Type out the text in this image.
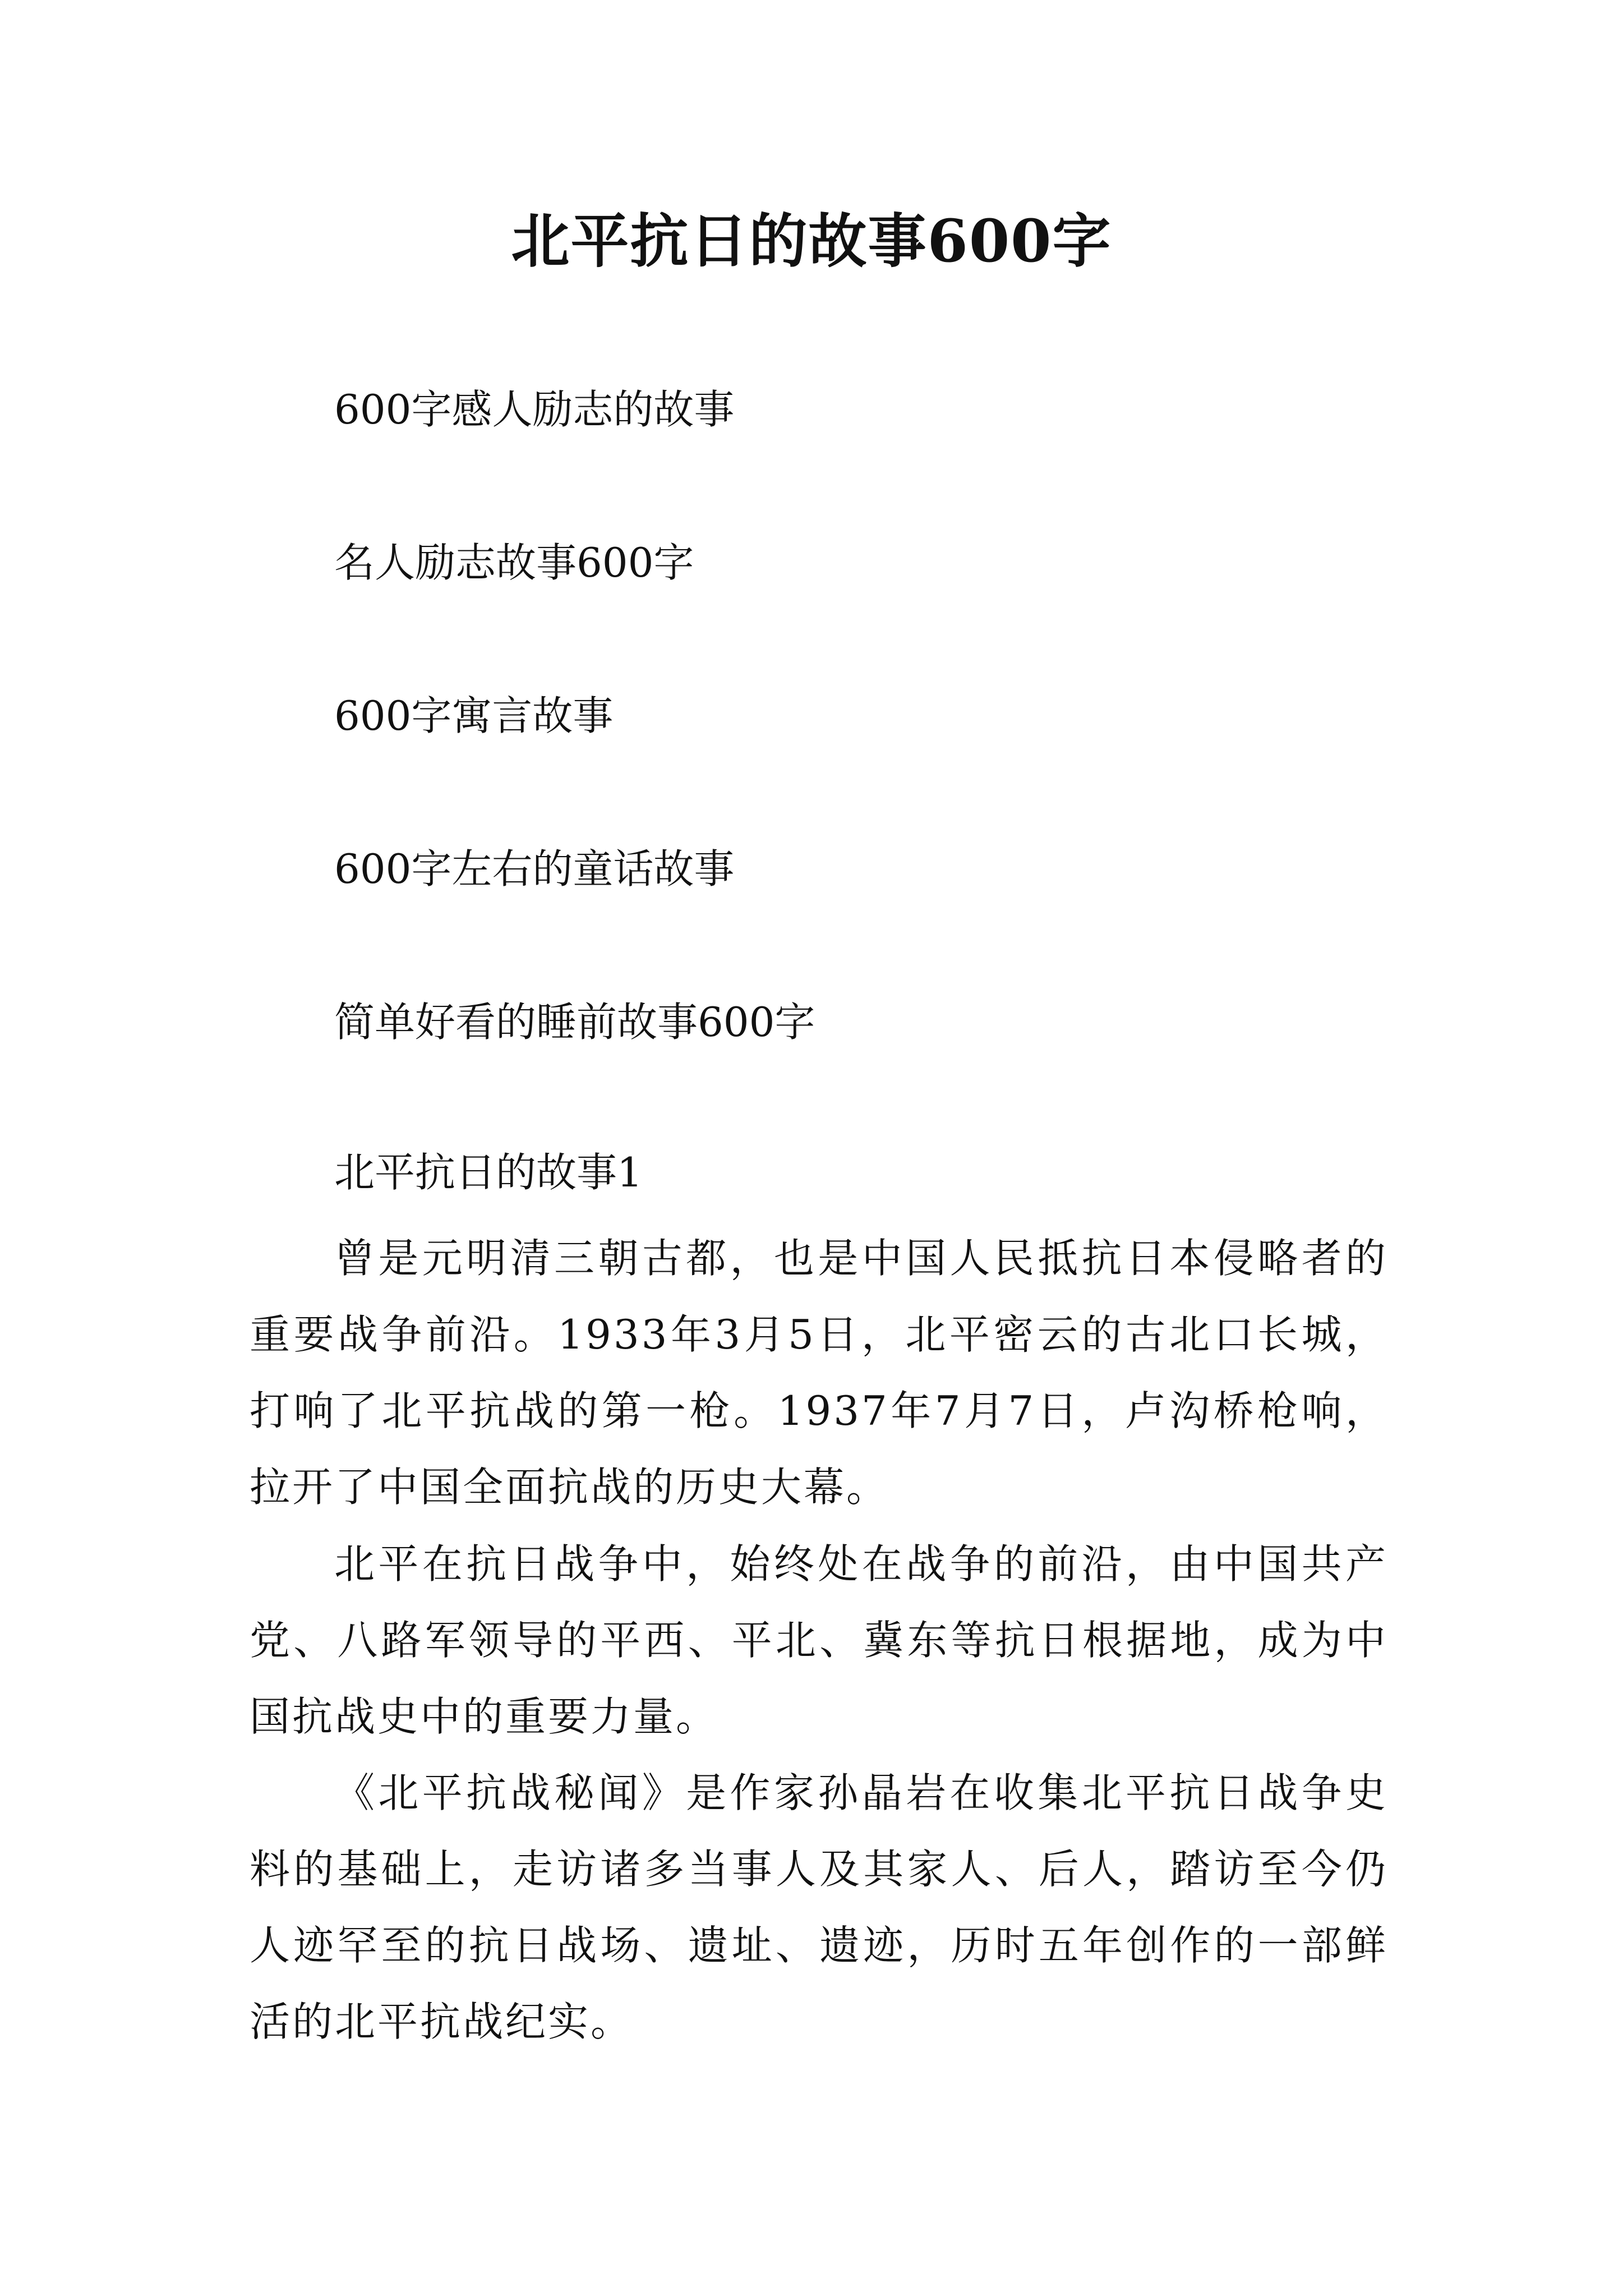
北平抗日的故事600字
600字感人励志的故事
名人励志故事600字
600字寓言故事
600字左右的童话故事
简单好看的睡前故事600字
北平抗日的故事1

曾是元明清三朝古都，也是中国人民抵抗日本侵略者的重要战争前沿。1933年3月5日，北平密云的古北口长城，打响了北平抗战的第一枪。1937年7月7日，卢沟桥枪响，拉开了中国全面抗战的历史大幕。

北平在抗日战争中，始终处在战争的前沿，由中国共产党、八路军领导的平西、平北、冀东等抗日根据地，成为中国抗战史中的重要力量。

《北平抗战秘闻》是作家孙晶岩在收集北平抗日战争史料的基础上，走访诸多当事人及其家人、后人，踏访至今仍人迹罕至的抗日战场、遗址、遗迹，历时五年创作的一部鲜活的北平抗战纪实。
